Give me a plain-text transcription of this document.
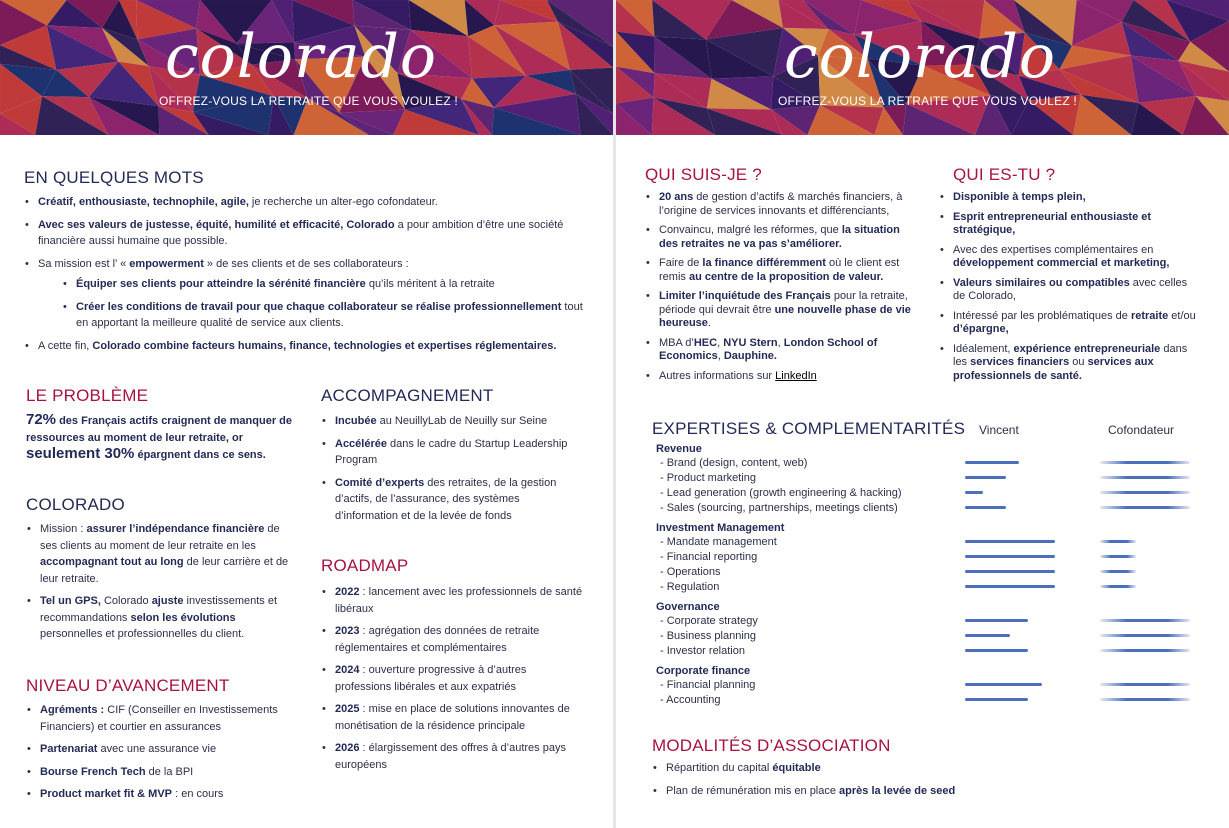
colorado
OFFREZ-VOUS LA RETRAITE QUE VOUS VOULEZ !
EN QUELQUES MOTS
• Créatif, enthousiaste, technophile, agile, je recherche un alter-ego cofondateur.
• Avec ses valeurs de justesse, équité, humilité et efficacité, Colorado a pour ambition d’être une société financière aussi humaine que possible.
• Sa mission est l’ « empowerment » de ses clients et de ses collaborateurs :
• Équiper ses clients pour atteindre la sérénité financière qu’ils méritent à la retraite
• Créer les conditions de travail pour que chaque collaborateur se réalise professionnellement tout en apportant la meilleure qualité de service aux clients.
• A cette fin, Colorado combine facteurs humains, finance, technologies et expertises réglementaires.
LE PROBLÈME
72% des Français actifs craignent de manquer de ressources au moment de leur retraite, or seulement 30% épargnent dans ce sens.
COLORADO
• Mission : assurer l’indépendance financière de ses clients au moment de leur retraite en les accompagnant tout au long de leur carrière et de leur retraite.
• Tel un GPS, Colorado ajuste investissements et recommandations selon les évolutions personnelles et professionnelles du client.
NIVEAU D’AVANCEMENT
• Agréments : CIF (Conseiller en Investissements Financiers) et courtier en assurances
• Partenariat avec une assurance vie
• Bourse French Tech de la BPI
• Product market fit & MVP : en cours
ACCOMPAGNEMENT
• Incubée au NeuillyLab de Neuilly sur Seine
• Accélérée dans le cadre du Startup Leadership Program
• Comité d’experts des retraites, de la gestion d’actifs, de l’assurance, des systèmes d’information et de la levée de fonds
ROADMAP
• 2022 : lancement avec les professionnels de santé libéraux
• 2023 : agrégation des données de retraite réglementaires et complémentaires
• 2024 : ouverture progressive à d’autres professions libérales et aux expatriés
• 2025 : mise en place de solutions innovantes de monétisation de la résidence principale
• 2026 : élargissement des offres à d’autres pays européens
colorado
OFFREZ-VOUS LA RETRAITE QUE VOUS VOULEZ !
QUI SUIS-JE ?
• 20 ans de gestion d’actifs & marchés financiers, à l’origine de services innovants et différenciants,
• Convaincu, malgré les réformes, que la situation des retraites ne va pas s’améliorer.
• Faire de la finance différemment où le client est remis au centre de la proposition de valeur.
• Limiter l’inquiétude des Français pour la retraite, période qui devrait être une nouvelle phase de vie heureuse.
• MBA d’HEC, NYU Stern, London School of Economics, Dauphine.
• Autres informations sur LinkedIn
QUI ES-TU ?
• Disponible à temps plein,
• Esprit entrepreneurial enthousiaste et stratégique,
• Avec des expertises complémentaires en développement commercial et marketing,
• Valeurs similaires ou compatibles avec celles de Colorado,
• Intéressé par les problématiques de retraite et/ou d’épargne,
• Idéalement, expérience entrepreneuriale dans les services financiers ou services aux professionnels de santé.
EXPERTISES & COMPLEMENTARITÉS Vincent	Cofondateur
Revenue
- Brand (design, content, web)
- Product marketing
- Lead generation (growth engineering & hacking)
- Sales (sourcing, partnerships, meetings clients)
Investment Management
- Mandate management
- Financial reporting
- Operations
- Regulation
Governance
- Corporate strategy
- Business planning
- Investor relation
Corporate finance
- Financial planning
- Accounting
MODALITÉS D’ASSOCIATION
• Répartition du capital équitable
• Plan de rémunération mis en place après la levée de seed
